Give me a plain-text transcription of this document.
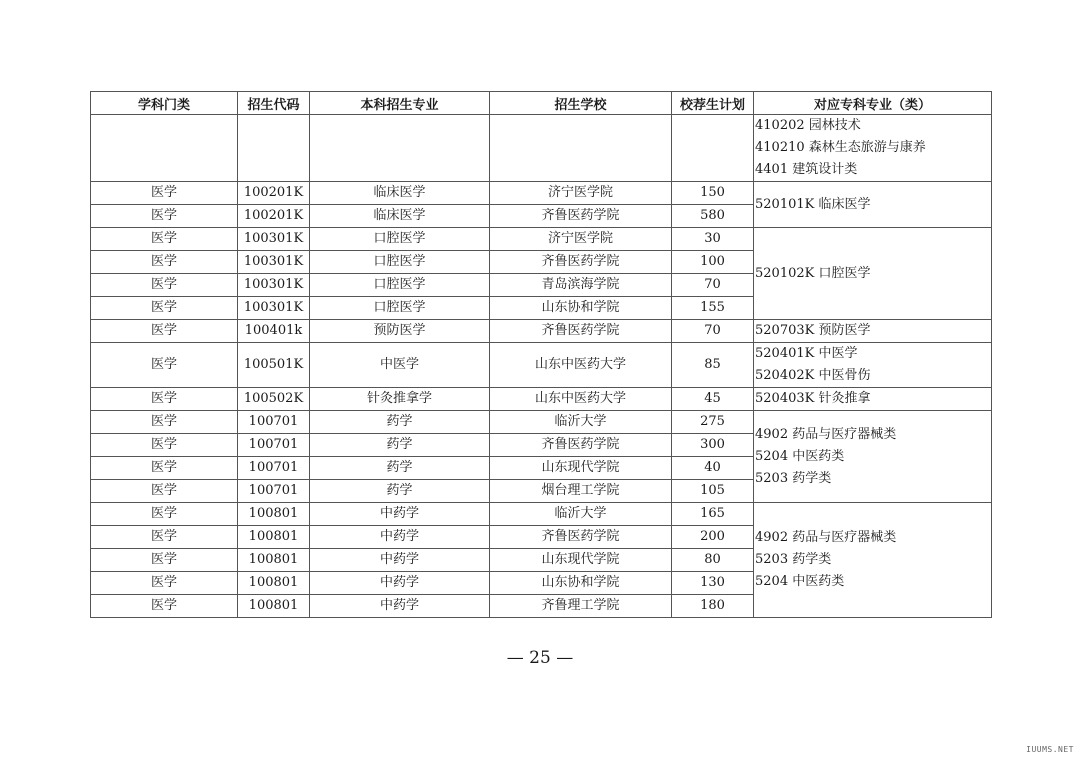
学科门类	招生代码	本科招生专业	招生学校	校荐生计划	对应专科专业（类）

					410202 园林技术
410210 森林生态旅游与康养
4401 建筑设计类

医学	100201K	临床医学	济宁医学院	150	520101K 临床医学

医学	100201K	临床医学	齐鲁医药学院	580	
医学	100301K	口腔医学	济宁医学院	30	520102K 口腔医学

医学	100301K	口腔医学	齐鲁医药学院	100	
医学	100301K	口腔医学	青岛滨海学院	70	
医学	100301K	口腔医学	山东协和学院	155	
医学	100401k	预防医学	齐鲁医药学院	70	520703K 预防医学

医学	100501K	中医学	山东中医药大学	85	520401K 中医学
520402K 中医骨伤

医学	100502K	针灸推拿学	山东中医药大学	45	520403K 针灸推拿

医学	100701	药学	临沂大学	275	4902 药品与医疗器械类
5204 中医药类
5203 药学类

医学	100701	药学	齐鲁医药学院	300	
医学	100701	药学	山东现代学院	40	
医学	100701	药学	烟台理工学院	105	
医学	100801	中药学	临沂大学	165	4902 药品与医疗器械类
5203 药学类
5204 中医药类

医学	100801	中药学	齐鲁医药学院	200	
医学	100801	中药学	山东现代学院	80	
医学	100801	中药学	山东协和学院	130	
医学	100801	中药学	齐鲁理工学院	180	
— 25 —
IUUMS.NET
